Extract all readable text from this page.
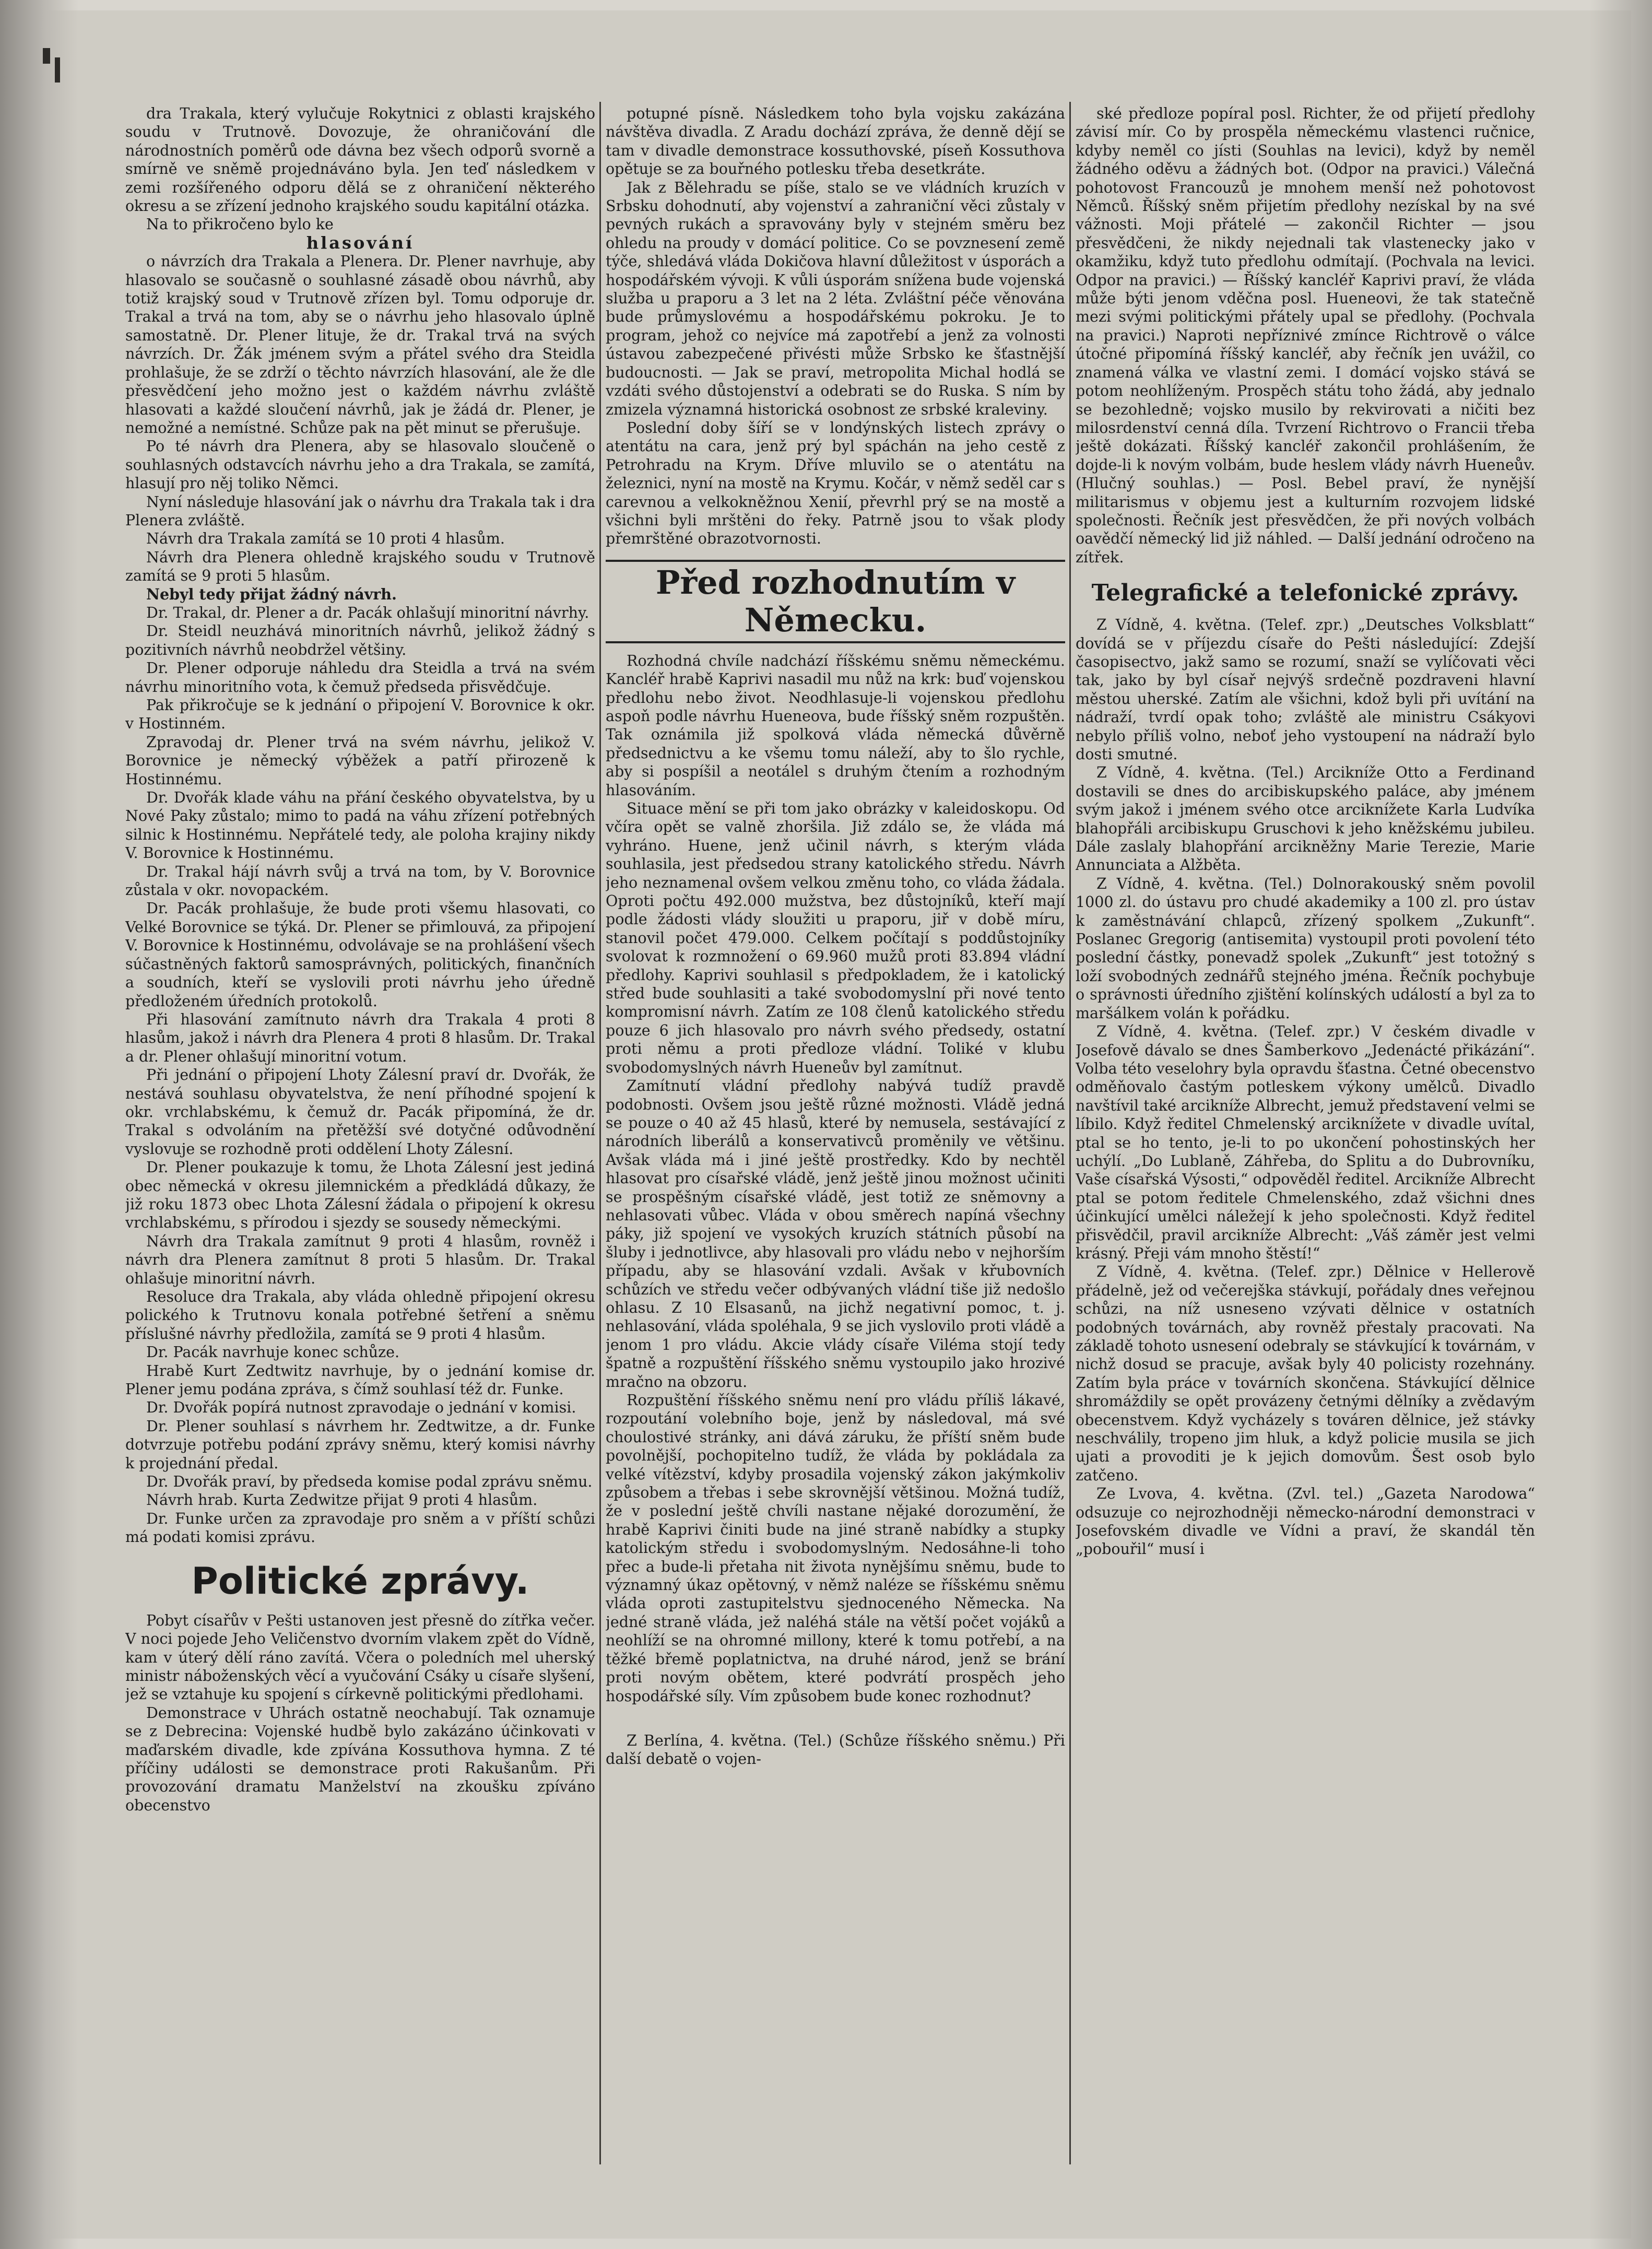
dra Trakala, který vylučuje Rokytnici z oblasti krajského soudu v Trutnově. Dovozuje, že ohraničování dle národnostních poměrů ode dávna bez všech odporů svorně a smírně ve sněmě projednáváno byla. Jen teď následkem v zemi rozšířeného odporu dělá se z ohraničení některého okresu a se zřízení jednoho krajského soudu kapitální otázka.

Na to přikročeno bylo ke

hlasování

o návrzích dra Trakala a Plenera. Dr. Plener navrhuje, aby hlasovalo se současně o souhlasné zásadě obou návrhů, aby totiž krajský soud v Trutnově zřízen byl. Tomu odporuje dr. Trakal a trvá na tom, aby se o návrhu jeho hlasovalo úplně samostatně. Dr. Plener lituje, že dr. Trakal trvá na svých návrzích. Dr. Žák jménem svým a přátel svého dra Steidla prohlašuje, že se zdrží o těchto návrzích hlasování, ale že dle přesvědčení jeho možno jest o každém návrhu zvláště hlasovati a každé sloučení návrhů, jak je žádá dr. Plener, je nemožné a nemístné. Schůze pak na pět minut se přerušuje.

Po té návrh dra Plenera, aby se hlasovalo sloučeně o souhlasných odstavcích návrhu jeho a dra Trakala, se zamítá, hlasují pro něj toliko Němci.

Nyní následuje hlasování jak o návrhu dra Trakala tak i dra Plenera zvláště.

Návrh dra Trakala zamítá se 10 proti 4 hlasům.

Návrh dra Plenera ohledně krajského soudu v Trutnově zamítá se 9 proti 5 hlasům.

Nebyl tedy přijat žádný návrh.

Dr. Trakal, dr. Plener a dr. Pacák ohlašují minoritní návrhy.

Dr. Steidl neuzhává minoritních návrhů, jelikož žádný s pozitivních návrhů neobdržel většiny.

Dr. Plener odporuje náhledu dra Steidla a trvá na svém návrhu minoritního vota, k čemuž předseda přisvědčuje.

Pak přikročuje se k jednání o připojení V. Borovnice k okr. v Hostinném.

Zpravodaj dr. Plener trvá na svém návrhu, jelikož V. Borovnice je německý výběžek a patří přirozeně k Hostinnému.

Dr. Dvořák klade váhu na přání českého obyvatelstva, by u Nové Paky zůstalo; mimo to padá na váhu zřízení potřebných silnic k Hostinnému. Nepřátelé tedy, ale poloha krajiny nikdy V. Borovnice k Hostinnému.

Dr. Trakal hájí návrh svůj a trvá na tom, by V. Borovnice zůstala v okr. novopackém.

Dr. Pacák prohlašuje, že bude proti všemu hlasovati, co Velké Borovnice se týká. Dr. Plener se přimlouvá, za připojení V. Borovnice k Hostinnému, odvolávaje se na prohlášení všech súčastněných faktorů samosprávných, politických, finančních a soudních, kteří se vyslovili proti návrhu jeho úředně předloženém úředních protokolů.

Při hlasování zamítnuto návrh dra Trakala 4 proti 8 hlasům, jakož i návrh dra Plenera 4 proti 8 hlasům. Dr. Trakal a dr. Plener ohlašují minoritní votum.

Při jednání o připojení Lhoty Zálesní praví dr. Dvořák, že nestává souhlasu obyvatelstva, že není příhodné spojení k okr. vrchlabskému, k čemuž dr. Pacák připomíná, že dr. Trakal s odvoláním na přetěžší své dotyčné odůvodnění vyslovuje se rozhodně proti oddělení Lhoty Zálesní.

Dr. Plener poukazuje k tomu, že Lhota Zálesní jest jediná obec německá v okresu jilemnickém a předkládá důkazy, že již roku 1873 obec Lhota Zálesní žádala o připojení k okresu vrchlabskému, s přírodou i sjezdy se sousedy německými.

Návrh dra Trakala zamítnut 9 proti 4 hlasům, rovněž i návrh dra Plenera zamítnut 8 proti 5 hlasům. Dr. Trakal ohlašuje minoritní návrh.

Resoluce dra Trakala, aby vláda ohledně připojení okresu polického k Trutnovu konala potřebné šetření a sněmu příslušné návrhy předložila, zamítá se 9 proti 4 hlasům.

Dr. Pacák navrhuje konec schůze.

Hrabě Kurt Zedtwitz navrhuje, by o jednání komise dr. Plener jemu podána zpráva, s čímž souhlasí též dr. Funke.

Dr. Dvořák popírá nutnost zpravodaje o jednání v komisi.

Dr. Plener souhlasí s návrhem hr. Zedtwitze, a dr. Funke dotvrzuje potřebu podání zprávy sněmu, který komisi návrhy k projednání předal.

Dr. Dvořák praví, by předseda komise podal zprávu sněmu.

Návrh hrab. Kurta Zedwitze přijat 9 proti 4 hlasům.

Dr. Funke určen za zpravodaje pro sněm a v příští schůzi má podati komisi zprávu.

Politické zprávy.

Pobyt císařův v Pešti ustanoven jest přesně do zítřka večer. V noci pojede Jeho Veličenstvo dvorním vlakem zpět do Vídně, kam v úterý dělí ráno zavítá. Včera o poledních mel uherský ministr náboženských věcí a vyučování Csáky u císaře slyšení, jež se vztahuje ku spojení s církevně politickými předlohami.

Demonstrace v Uhrách ostatně neochabují. Tak oznamuje se z Debrecina: Vojenské hudbě bylo zakázáno účinkovati v maďarském divadle, kde zpívána Kossuthova hymna. Z té příčiny události se demonstrace proti Rakušanům. Při provozování dramatu Manželství na zkoušku zpíváno obecenstvo

potupné písně. Následkem toho byla vojsku zakázána návštěva divadla. Z Aradu dochází zpráva, že denně dějí se tam v divadle demonstrace kossuthovské, píseň Kossuthova opětuje se za bouřného potlesku třeba desetkráte.

Jak z Bělehradu se píše, stalo se ve vládních kruzích v Srbsku dohodnutí, aby vojenství a zahraniční věci zůstaly v pevných rukách a spravovány byly v stejném směru bez ohledu na proudy v domácí politice. Co se povznesení země týče, shledává vláda Dokičova hlavní důležitost v úsporách a hospodářském vývoji. K vůli úsporám snížena bude vojenská služba u praporu a 3 let na 2 léta. Zvláštní péče věnována bude průmyslovému a hospodářskému pokroku. Je to program, jehož co nejvíce má zapotřebí a jenž za volnosti ústavou zabezpečené přivésti může Srbsko ke šťastnější budoucnosti. — Jak se praví, metropolita Michal hodlá se vzdáti svého důstojenství a odebrati se do Ruska. S ním by zmizela významná historická osobnost ze srbské kraleviny.

Poslední doby šíří se v londýnských listech zprávy o atentátu na cara, jenž prý byl spáchán na jeho cestě z Petrohradu na Krym. Dříve mluvilo se o atentátu na železnici, nyní na mostě na Krymu. Kočár, v němž seděl car s carevnou a velkokněžnou Xenií, převrhl prý se na mostě a všichni byli mrštěni do řeky. Patrně jsou to však plody přemrštěné obrazotvornosti.

Před rozhodnutím v Německu.

Rozhodná chvíle nadchází říšskému sněmu německému. Kancléř hrabě Kaprivi nasadil mu nůž na krk: buď vojenskou předlohu nebo život. Neodhlasuje-li vojenskou předlohu aspoň podle návrhu Hueneova, bude říšský sněm rozpuštěn. Tak oznámila již spolková vláda německá důvěrně předsednictvu a ke všemu tomu náleží, aby to šlo rychle, aby si pospíšil a neotálel s druhým čtením a rozhodným hlasováním.

Situace mění se při tom jako obrázky v kaleidoskopu. Od včíra opět se valně zhoršila. Již zdálo se, že vláda má vyhráno. Huene, jenž učinil návrh, s kterým vláda souhlasila, jest předsedou strany katolického středu. Návrh jeho neznamenal ovšem velkou změnu toho, co vláda žádala. Oproti počtu 492.000 mužstva, bez důstojníků, kteří mají podle žádosti vlády sloužiti u praporu, jiř v době míru, stanovil počet 479.000. Celkem počítají s poddůstojníky svolovat k rozmnožení o 69.960 mužů proti 83.894 vládní předlohy. Kaprivi souhlasil s předpokladem, že i katolický střed bude souhlasiti a také svobodomyslní při nové tento kompromisní návrh. Zatím ze 108 členů katolického středu pouze 6 jich hlasovalo pro návrh svého předsedy, ostatní proti němu a proti předloze vládní. Toliké v klubu svobodomyslných návrh Hueneův byl zamítnut.

Zamítnutí vládní předlohy nabývá tudíž pravdě podobnosti. Ovšem jsou ještě různé možnosti. Vládě jedná se pouze o 40 až 45 hlasů, které by nemusela, sestávající z národních liberálů a konservativců proměnily ve většinu. Avšak vláda má i jiné ještě prostředky. Kdo by nechtěl hlasovat pro císařské vládě, jenž ještě jinou možnost učiniti se prospěšným císařské vládě, jest totiž ze sněmovny a nehlasovati vůbec. Vláda v obou směrech napíná všechny páky, již spojení ve vysokých kruzích státních působí na šluby i jednotlivce, aby hlasovali pro vládu nebo v nejhorším případu, aby se hlasování vzdali. Avšak v křubovních schůzích ve středu večer odbývaných vládní tiše již nedošlo ohlasu. Z 10 Elsasanů, na jichž negativní pomoc, t. j. nehlasování, vláda spoléhala, 9 se jich vyslovilo proti vládě a jenom 1 pro vládu. Akcie vlády císaře Viléma stojí tedy špatně a rozpuštění říšského sněmu vystoupilo jako hrozivé mračno na obzoru.

Rozpuštění říšského sněmu není pro vládu příliš lákavé, rozpoutání volebního boje, jenž by následoval, má své choulostivé stránky, ani dává záruku, že příští sněm bude povolnější, pochopitelno tudíž, že vláda by pokládala za velké vítězství, kdyby prosadila vojenský zákon jakýmkoliv způsobem a třebas i sebe skrovnější většinou. Možná tudíž, že v poslední ještě chvíli nastane nějaké dorozumění, že hrabě Kaprivi činiti bude na jiné straně nabídky a stupky katolickým středu i svobodomyslným. Nedosáhne-li toho přec a bude-li přetaha nit života nynějšímu sněmu, bude to významný úkaz opětovný, v němž naléze se říšskému sněmu vláda oproti zastupitelstvu sjednoceného Německa. Na jedné straně vláda, jež naléhá stále na větší počet vojáků a neohlíží se na ohromné millony, které k tomu potřebí, a na těžké břemě poplatnictva, na druhé národ, jenž se brání proti novým obětem, které podvrátí prospěch jeho hospodářské síly. Vím způsobem bude konec rozhodnut?

Z Berlína, 4. května. (Tel.) (Schůze říšského sněmu.) Při další debatě o vojen-

ské předloze popíral posl. Richter, že od přijetí předlohy závisí mír. Co by prospěla německému vlastenci ručnice, kdyby neměl co jísti (Souhlas na levici), když by neměl žádného oděvu a žádných bot. (Odpor na pravici.) Válečná pohotovost Francouzů je mnohem menší než pohotovost Němců. Říšský sněm přijetím předlohy nezískal by na své vážnosti. Moji přátelé — zakončil Richter — jsou přesvědčeni, že nikdy nejednali tak vlastenecky jako v okamžiku, když tuto předlohu odmítají. (Pochvala na levici. Odpor na pravici.) — Říšský kancléř Kaprivi praví, že vláda může býti jenom vděčna posl. Hueneovi, že tak statečně mezi svými politickými přátely upal se předlohy. (Pochvala na pravici.) Naproti nepříznivé zmínce Richtrově o válce útočné připomíná říšský kancléř, aby řečník jen uvážil, co znamená válka ve vlastní zemi. I domácí vojsko stává se potom neohlíženým. Prospěch státu toho žádá, aby jednalo se bezohledně; vojsko musilo by rekvirovati a ničiti bez milosrdenství cenná díla. Tvrzení Richtrovo o Francii třeba ještě dokázati. Říšský kancléř zakončil prohlášením, že dojde-li k novým volbám, bude heslem vlády návrh Hueneův. (Hlučný souhlas.) — Posl. Bebel praví, že nynější militarismus v objemu jest a kulturním rozvojem lidské společnosti. Řečník jest přesvědčen, že při nových volbách oavědčí německý lid již náhled. — Další jednání odročeno na zítřek.

Telegrafické a telefonické zprávy.

Z Vídně, 4. května. (Telef. zpr.) „Deutsches Volksblatt“ dovídá se v příjezdu císaře do Pešti následující: Zdejší časopisectvo, jakž samo se rozumí, snaží se vylíčovati věci tak, jako by byl císař nejvýš srdečně pozdraveni hlavní městou uherské. Zatím ale všichni, kdož byli při uvítání na nádraží, tvrdí opak toho; zvláště ale ministru Csákyovi nebylo příliš volno, neboť jeho vystoupení na nádraží bylo dosti smutné.

Z Vídně, 4. května. (Tel.) Arcikníže Otto a Ferdinand dostavili se dnes do arcibiskupského paláce, aby jménem svým jakož i jménem svého otce arciknížete Karla Ludvíka blahopřáli arcibiskupu Gruschovi k jeho kněžskému jubileu. Dále zaslaly blahopřání arcikněžny Marie Terezie, Marie Annunciata a Alžběta.

Z Vídně, 4. května. (Tel.) Dolnorakouský sněm povolil 1000 zl. do ústavu pro chudé akademiky a 100 zl. pro ústav k zaměstnávání chlapců, zřízený spolkem „Zukunft“. Poslanec Gregorig (antisemita) vystoupil proti povolení této poslední částky, ponevadž spolek „Zukunft“ jest totožný s loží svobodných zednářů stejného jména. Řečník pochybuje o správnosti úředního zjištění kolínských událostí a byl za to maršálkem volán k pořádku.

Z Vídně, 4. května. (Telef. zpr.) V českém divadle v Josefově dávalo se dnes Šamberkovo „Jedenácté přikázání“. Volba této veselohry byla opravdu šťastna. Četné obecenstvo odměňovalo častým potleskem výkony umělců. Divadlo navštívil také arcikníže Albrecht, jemuž představení velmi se líbilo. Když ředitel Chmelenský arciknížete v divadle uvítal, ptal se ho tento, je-li to po ukončení pohostinských her uchýlí. „Do Lublaně, Záhřeba, do Splitu a do Dubrovníku, Vaše císařská Výsosti,“ odpověděl ředitel. Arcikníže Albrecht ptal se potom ředitele Chmelenského, zdaž všichni dnes účinkující umělci náležejí k jeho společnosti. Když ředitel přisvědčil, pravil arcikníže Albrecht: „Váš záměr jest velmi krásný. Přeji vám mnoho štěstí!“

Z Vídně, 4. května. (Telef. zpr.) Dělnice v Hellerově přádelně, jež od večerejška stávkují, pořádaly dnes veřejnou schůzi, na níž usneseno vzývati dělnice v ostatních podobných továrnách, aby rovněž přestaly pracovati. Na základě tohoto usnesení odebraly se stávkující k továrnám, v nichž dosud se pracuje, avšak byly 40 policisty rozehnány. Zatím byla práce v továrních skončena. Stávkující dělnice shromáždily se opět provázeny četnými dělníky a zvědavým obecenstvem. Když vycházely s továren dělnice, jež stávky neschválily, tropeno jim hluk, a když policie musila se jich ujati a provoditi je k jejich domovům. Šest osob bylo zatčeno.

Ze Lvova, 4. května. (Zvl. tel.) „Gazeta Narodowa“ odsuzuje co nejrozhodněji německo-národní demonstraci v Josefovském divadle ve Vídni a praví, že skandál těn „pobouřil“ musí i
